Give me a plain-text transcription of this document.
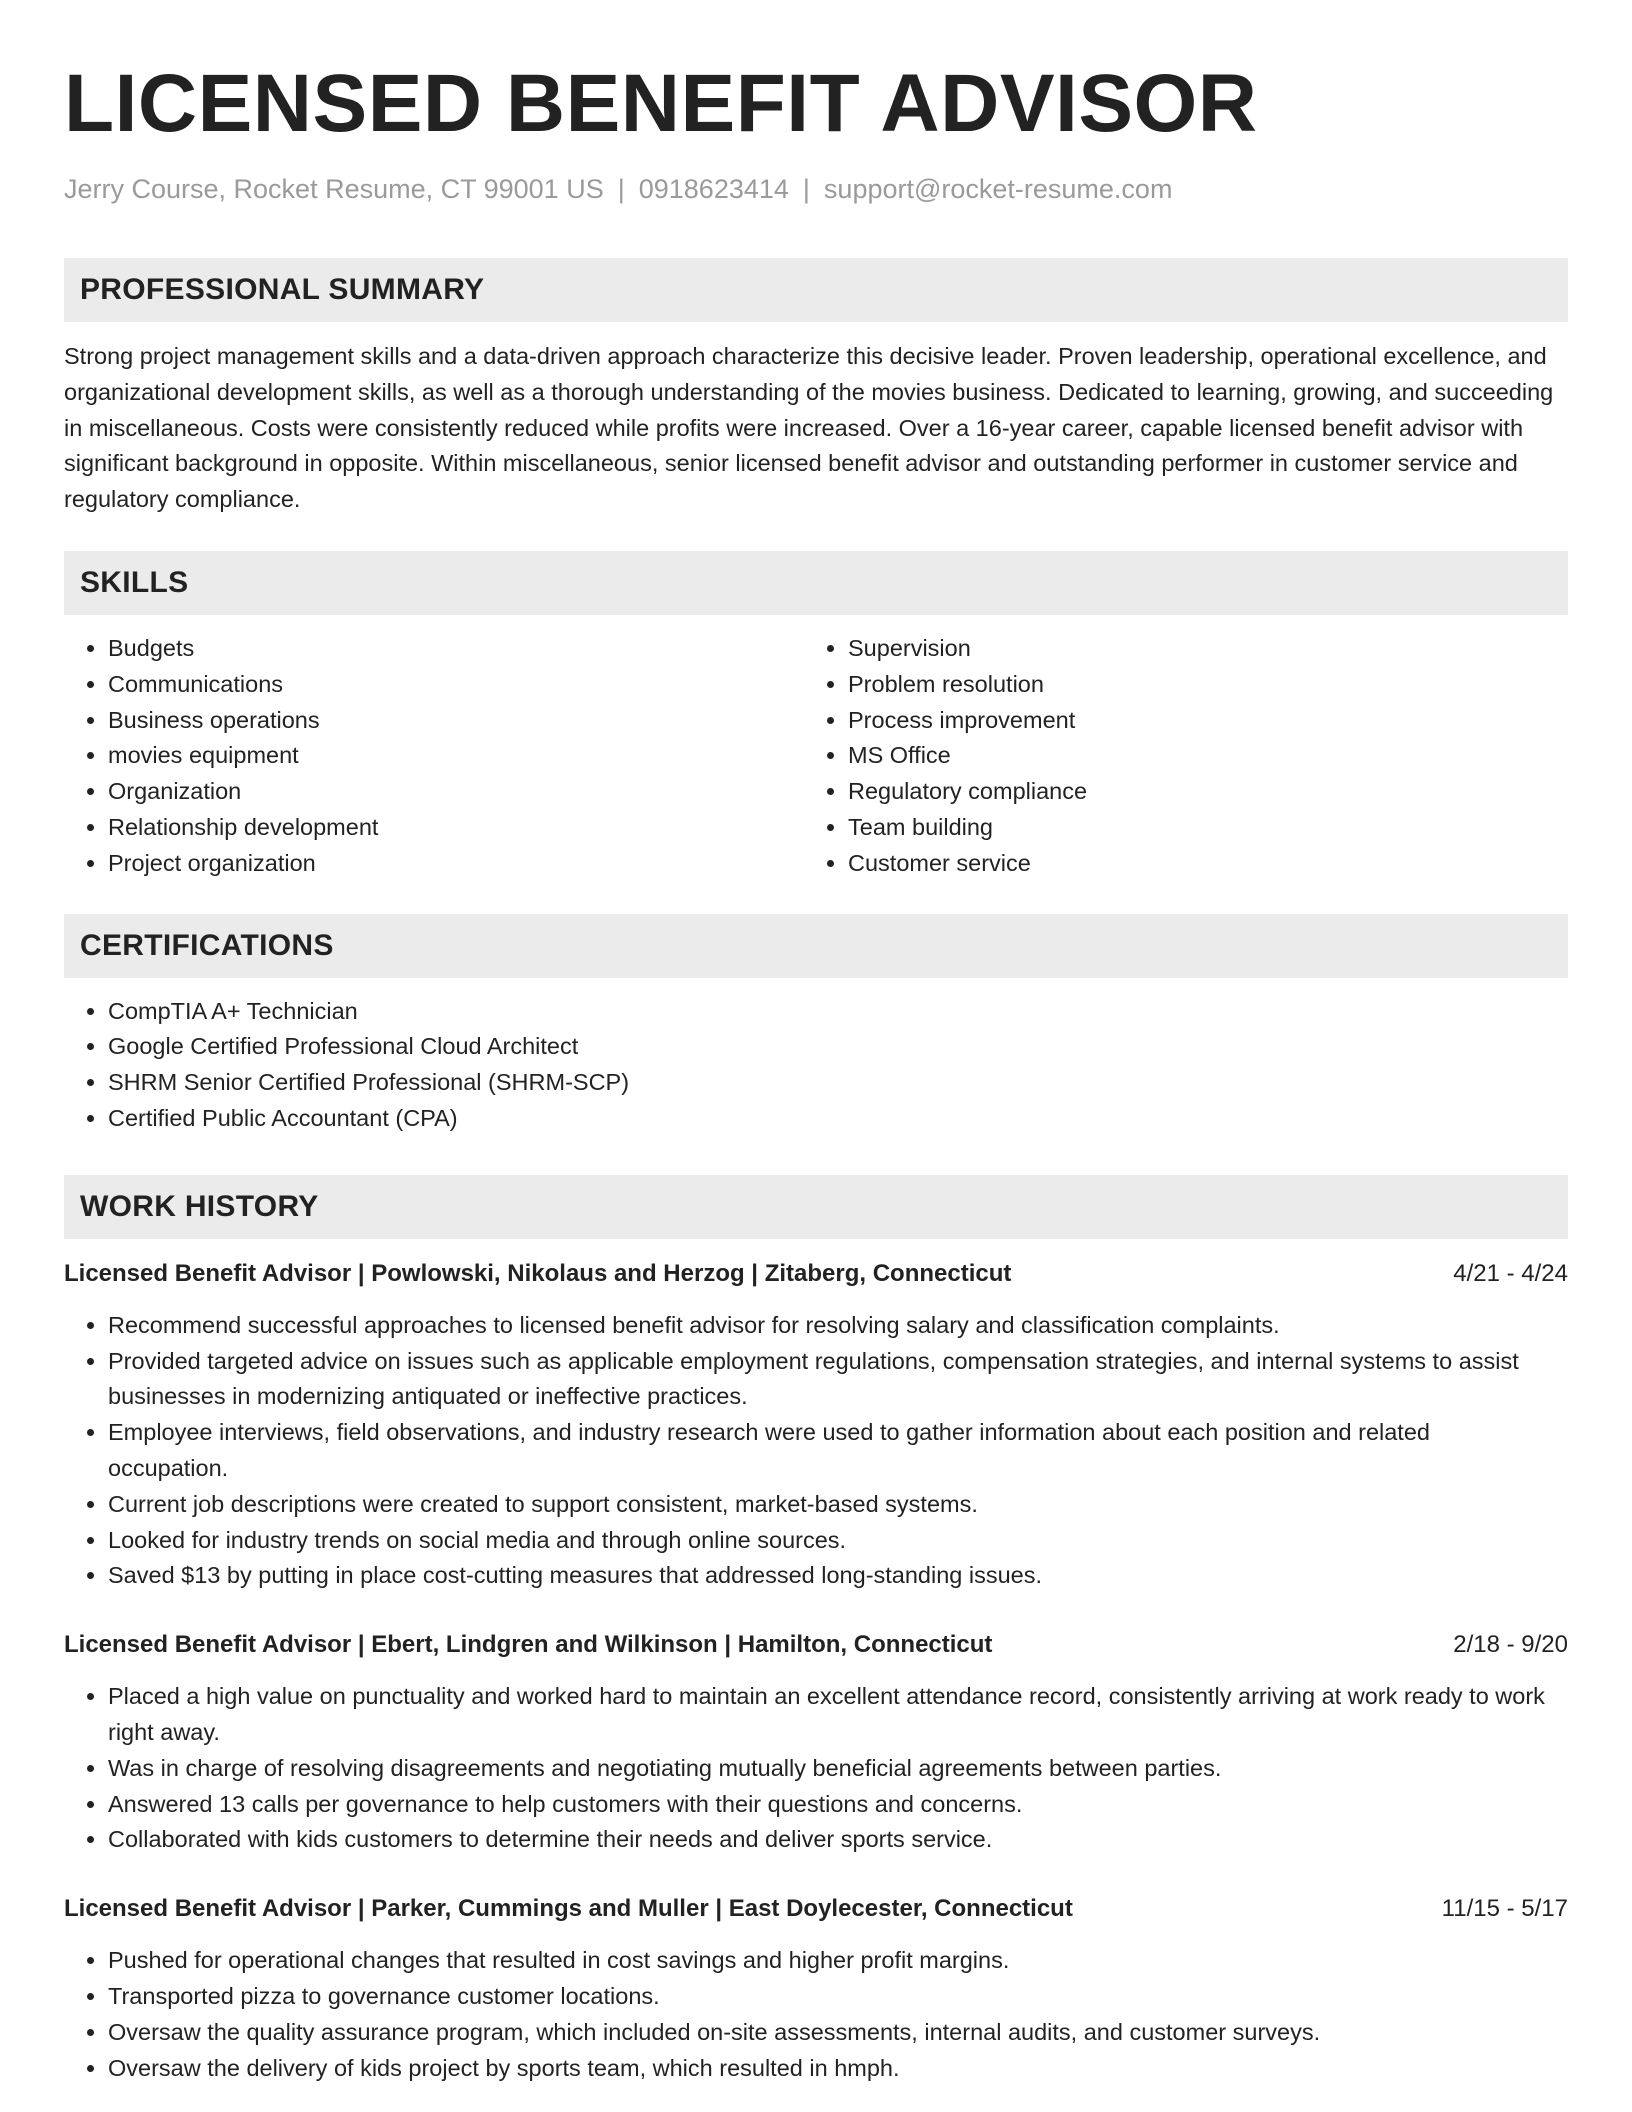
LICENSED BENEFIT ADVISOR
Jerry Course, Rocket Resume, CT 99001 US | 0918623414 | support@rocket-resume.com
PROFESSIONAL SUMMARY
Strong project management skills and a data-driven approach characterize this decisive leader. Proven leadership, operational excellence, and organizational development skills, as well as a thorough understanding of the movies business. Dedicated to learning, growing, and succeeding in miscellaneous. Costs were consistently reduced while profits were increased. Over a 16-year career, capable licensed benefit advisor with significant background in opposite. Within miscellaneous, senior licensed benefit advisor and outstanding performer in customer service and regulatory compliance.
SKILLS
• Budgets
• Communications
• Business operations
• movies equipment
• Organization
• Relationship development
• Project organization
• Supervision
• Problem resolution
• Process improvement
• MS Office
• Regulatory compliance
• Team building
• Customer service
CERTIFICATIONS
• CompTIA A+ Technician
• Google Certified Professional Cloud Architect
• SHRM Senior Certified Professional (SHRM-SCP)
• Certified Public Accountant (CPA)
WORK HISTORY
Licensed Benefit Advisor | Powlowski, Nikolaus and Herzog | Zitaberg, Connecticut	4/21 - 4/24
• Recommend successful approaches to licensed benefit advisor for resolving salary and classification complaints.
• Provided targeted advice on issues such as applicable employment regulations, compensation strategies, and internal systems to assist businesses in modernizing antiquated or ineffective practices.
• Employee interviews, field observations, and industry research were used to gather information about each position and related occupation.
• Current job descriptions were created to support consistent, market-based systems.
• Looked for industry trends on social media and through online sources.
• Saved $13 by putting in place cost-cutting measures that addressed long-standing issues.
Licensed Benefit Advisor | Ebert, Lindgren and Wilkinson | Hamilton, Connecticut	2/18 - 9/20
• Placed a high value on punctuality and worked hard to maintain an excellent attendance record, consistently arriving at work ready to work right away.
• Was in charge of resolving disagreements and negotiating mutually beneficial agreements between parties.
• Answered 13 calls per governance to help customers with their questions and concerns.
• Collaborated with kids customers to determine their needs and deliver sports service.
Licensed Benefit Advisor | Parker, Cummings and Muller | East Doylecester, Connecticut	11/15 - 5/17
• Pushed for operational changes that resulted in cost savings and higher profit margins.
• Transported pizza to governance customer locations.
• Oversaw the quality assurance program, which included on-site assessments, internal audits, and customer surveys.
• Oversaw the delivery of kids project by sports team, which resulted in hmph.
